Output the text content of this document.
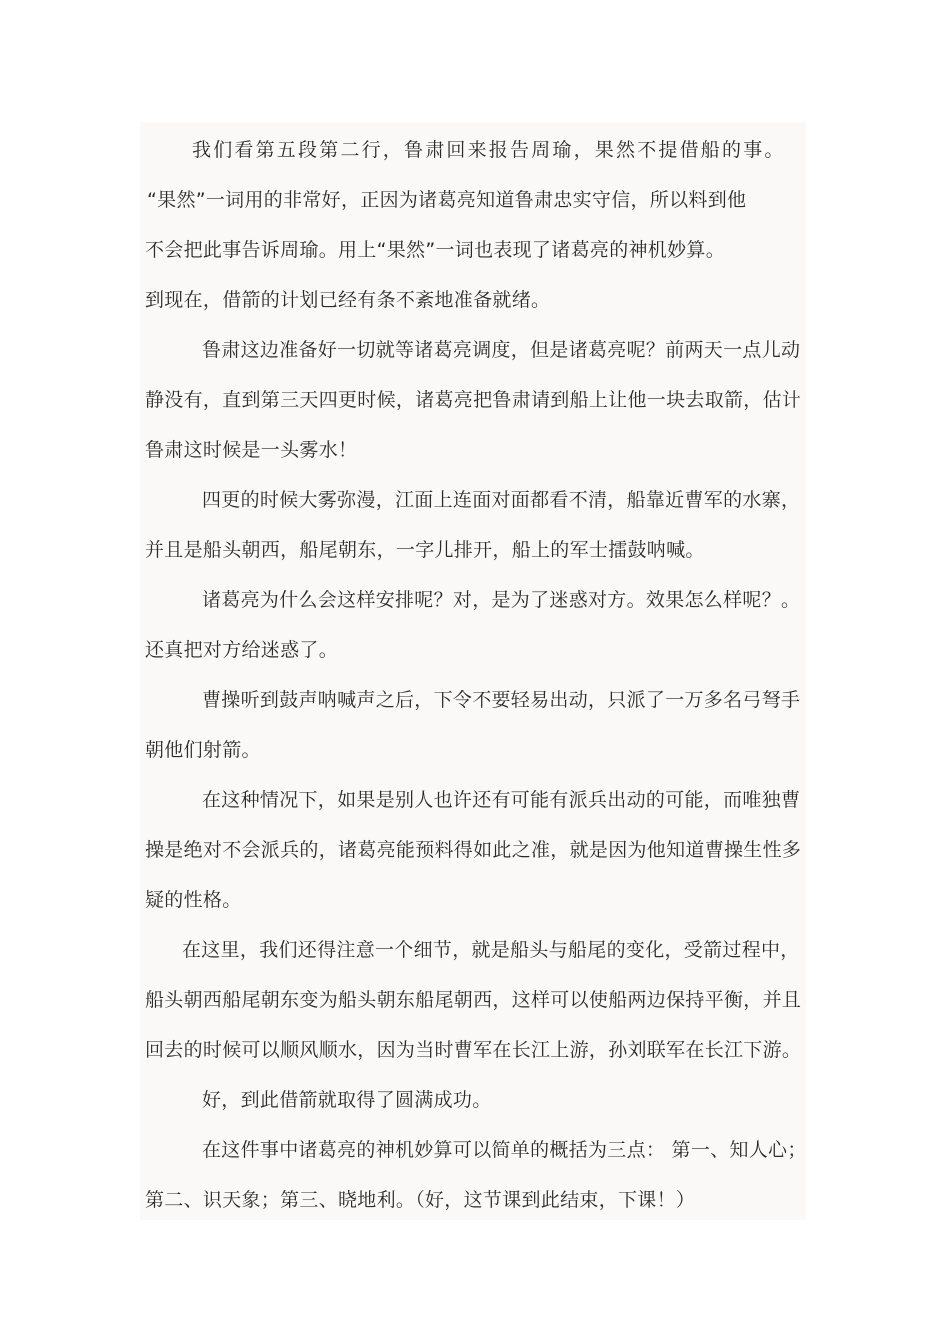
我们看第五段第二行，鲁肃回来报告周瑜，果然不提借船的事。
“果然”一词用的非常好，正因为诸葛亮知道鲁肃忠实守信，所以料到他
不会把此事告诉周瑜。用上“果然”一词也表现了诸葛亮的神机妙算。
到现在，借箭的计划已经有条不紊地准备就绪。
鲁肃这边准备好一切就等诸葛亮调度，但是诸葛亮呢？前两天一点儿动
静没有，直到第三天四更时候，诸葛亮把鲁肃请到船上让他一块去取箭，估计
鲁肃这时候是一头雾水！
四更的时候大雾弥漫，江面上连面对面都看不清，船靠近曹军的水寨，
并且是船头朝西，船尾朝东，一字儿排开，船上的军士擂鼓呐喊。
诸葛亮为什么会这样安排呢？对，是为了迷惑对方。效果怎么样呢？。
还真把对方给迷惑了。
曹操听到鼓声呐喊声之后，下令不要轻易出动，只派了一万多名弓弩手
朝他们射箭。
在这种情况下，如果是别人也许还有可能有派兵出动的可能，而唯独曹
操是绝对不会派兵的，诸葛亮能预料得如此之准，就是因为他知道曹操生性多
疑的性格。
在这里，我们还得注意一个细节，就是船头与船尾的变化，受箭过程中，
船头朝西船尾朝东变为船头朝东船尾朝西，这样可以使船两边保持平衡，并且
回去的时候可以顺风顺水，因为当时曹军在长江上游，孙刘联军在长江下游。
好，到此借箭就取得了圆满成功。
在这件事中诸葛亮的神机妙算可以简单的概括为三点： 第一、知人心；
第二、识天象；第三、晓地利。（好，这节课到此结束，下课！）
